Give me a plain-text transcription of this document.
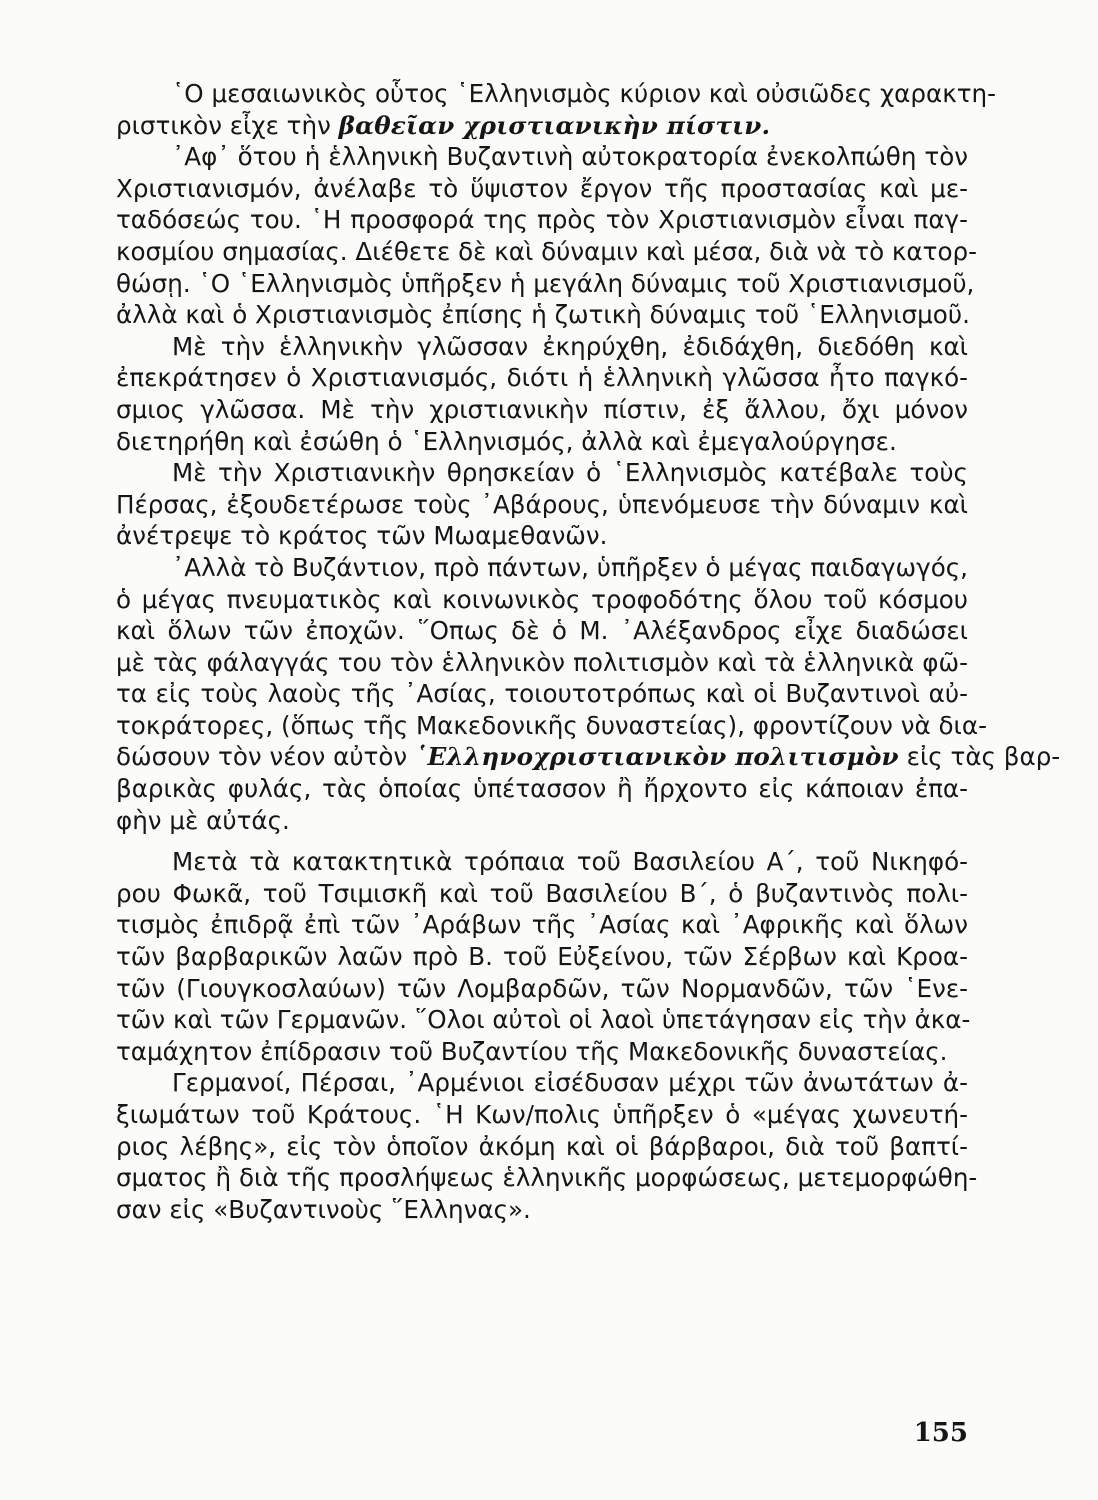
῾Ο μεσαιωνικὸς οὗτος ῾Ελληνισμὸς κύριον καὶ οὐσιῶδες χαρακτη-
ριστικὸν εἶχε τὴν βαθεῖαν χριστιανικὴν πίστιν.
᾽Αφ᾽ ὅτου ἡ ἑλληνικὴ Βυζαντινὴ αὐτοκρατορία ἐνεκολπώθη τὸν
Χριστιανισμόν, ἀνέλαβε τὸ ὕψιστον ἔργον τῆς προστασίας καὶ με-
ταδόσεώς του. ῾Η προσφορά της πρὸς τὸν Χριστιανισμὸν εἶναι παγ-
κοσμίου σημασίας. Διέθετε δὲ καὶ δύναμιν καὶ μέσα, διὰ νὰ τὸ κατορ-
θώσῃ. ῾Ο ῾Ελληνισμὸς ὑπῆρξεν ἡ μεγάλη δύναμις τοῦ Χριστιανισμοῦ,
ἀλλὰ καὶ ὁ Χριστιανισμὸς ἐπίσης ἡ ζωτικὴ δύναμις τοῦ ῾Ελληνισμοῦ.
Μὲ τὴν ἑλληνικὴν γλῶσσαν ἐκηρύχθη, ἐδιδάχθη, διεδόθη καὶ
ἐπεκράτησεν ὁ Χριστιανισμός, διότι ἡ ἑλληνικὴ γλῶσσα ἦτο παγκό-
σμιος γλῶσσα. Μὲ τὴν χριστιανικὴν πίστιν, ἐξ ἄλλου, ὄχι μόνον
διετηρήθη καὶ ἐσώθη ὁ ῾Ελληνισμός, ἀλλὰ καὶ ἐμεγαλούργησε.
Μὲ τὴν Χριστιανικὴν θρησκείαν ὁ ῾Ελληνισμὸς κατέβαλε τοὺς
Πέρσας, ἐξουδετέρωσε τοὺς ᾽Αβάρους, ὑπενόμευσε τὴν δύναμιν καὶ
ἀνέτρεψε τὸ κράτος τῶν Μωαμεθανῶν.
᾽Αλλὰ τὸ Βυζάντιον, πρὸ πάντων, ὑπῆρξεν ὁ μέγας παιδαγωγός,
ὁ μέγας πνευματικὸς καὶ κοινωνικὸς τροφοδότης ὅλου τοῦ κόσμου
καὶ ὅλων τῶν ἐποχῶν. ῞Οπως δὲ ὁ Μ. ᾽Αλέξανδρος εἶχε διαδώσει
μὲ τὰς φάλαγγάς του τὸν ἑλληνικὸν πολιτισμὸν καὶ τὰ ἑλληνικὰ φῶ-
τα εἰς τοὺς λαοὺς τῆς ᾽Ασίας, τοιουτοτρόπως καὶ οἱ Βυζαντινοὶ αὐ-
τοκράτορες, (ὅπως τῆς Μακεδονικῆς δυναστείας), φροντίζουν νὰ δια-
δώσουν τὸν νέον αὐτὸν ῾Ελληνοχριστιανικὸν πολιτισμὸν εἰς τὰς βαρ-
βαρικὰς φυλάς, τὰς ὁποίας ὑπέτασσον ἢ ἤρχοντο εἰς κάποιαν ἐπα-
φὴν μὲ αὐτάς.
Μετὰ τὰ κατακτητικὰ τρόπαια τοῦ Βασιλείου Α΄, τοῦ Νικηφό-
ρου Φωκᾶ, τοῦ Τσιμισκῆ καὶ τοῦ Βασιλείου Β΄, ὁ βυζαντινὸς πολι-
τισμὸς ἐπιδρᾷ ἐπὶ τῶν ᾽Αράβων τῆς ᾽Ασίας καὶ ᾽Αφρικῆς καὶ ὅλων
τῶν βαρβαρικῶν λαῶν πρὸ Β. τοῦ Εὐξείνου, τῶν Σέρβων καὶ Κροα-
τῶν (Γιουγκοσλαύων) τῶν Λομβαρδῶν, τῶν Νορμανδῶν, τῶν ῾Ενε-
τῶν καὶ τῶν Γερμανῶν. ῞Ολοι αὐτοὶ οἱ λαοὶ ὑπετάγησαν εἰς τὴν ἀκα-
ταμάχητον ἐπίδρασιν τοῦ Βυζαντίου τῆς Μακεδονικῆς δυναστείας.
Γερμανοί, Πέρσαι, ᾽Αρμένιοι εἰσέδυσαν μέχρι τῶν ἀνωτάτων ἀ-
ξιωμάτων τοῦ Κράτους. ῾Η Κων/πολις ὑπῆρξεν ὁ «μέγας χωνευτή-
ριος λέβης», εἰς τὸν ὁποῖον ἀκόμη καὶ οἱ βάρβαροι, διὰ τοῦ βαπτί-
σματος ἢ διὰ τῆς προσλήψεως ἑλληνικῆς μορφώσεως, μετεμορφώθη-
σαν εἰς «Βυζαντινοὺς ῞Ελληνας».
155
